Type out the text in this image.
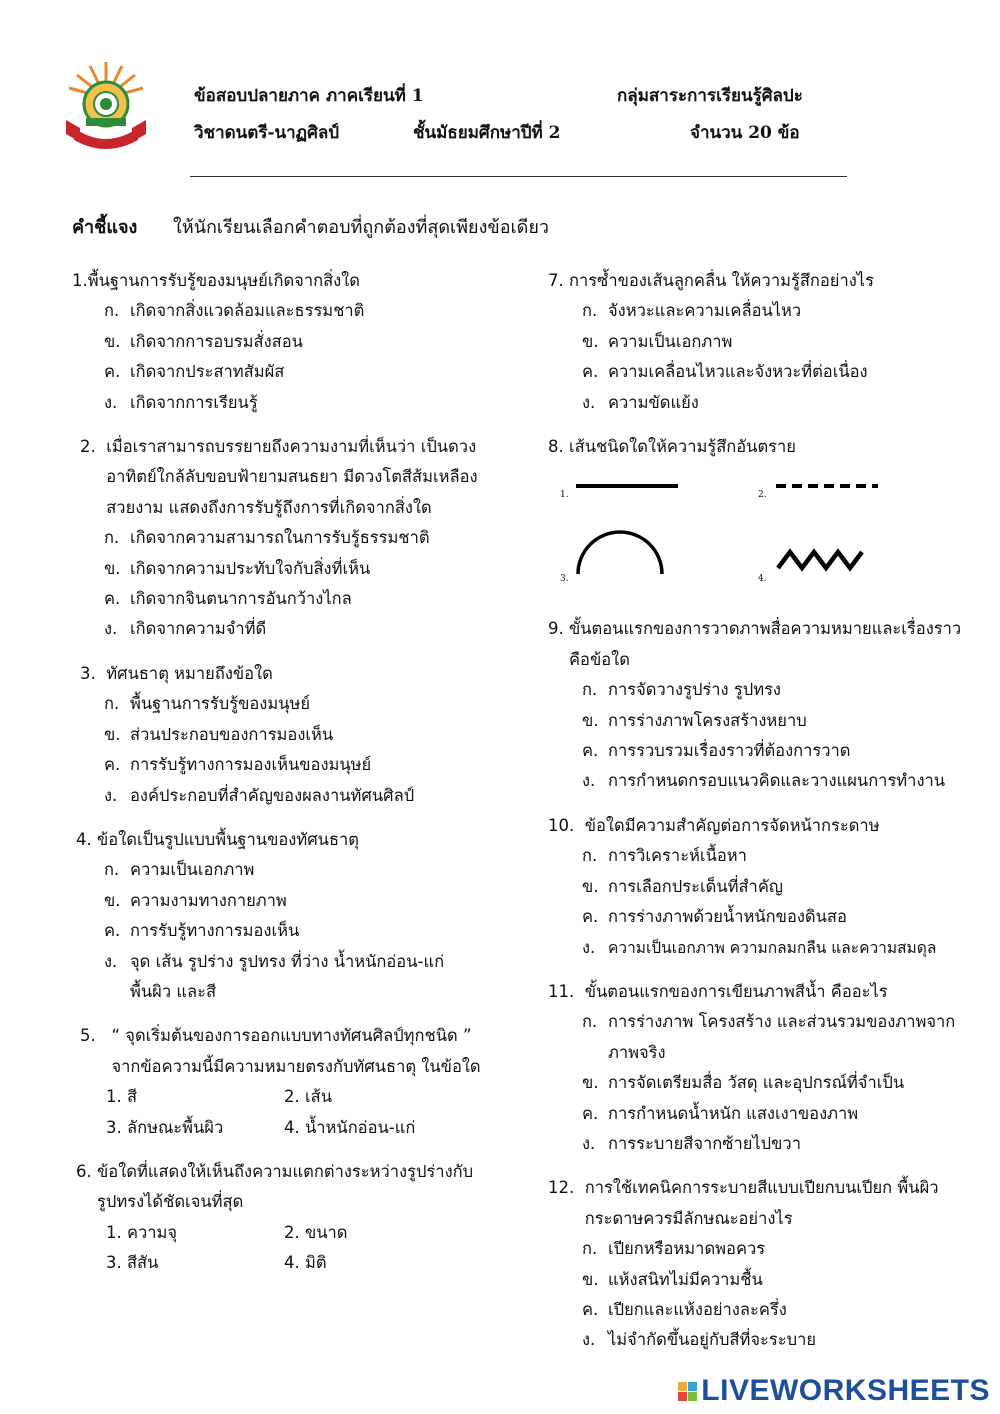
ข้อสอบปลายภาค ภาคเรียนที่ 1	กลุ่มสาระการเรียนรู้ศิลปะ
วิชาดนตรี-นาฏศิลป์	ชั้นมัธยมศึกษาปีที่ 2	จำนวน 20 ข้อ
คำชี้แจง ให้นักเรียนเลือกคำตอบที่ถูกต้องที่สุดเพียงข้อเดียว
1. พื้นฐานการรับรู้ของมนุษย์เกิดจากสิ่งใด
ก. เกิดจากสิ่งแวดล้อมและธรรมชาติ
ข. เกิดจากการอบรมสั่งสอน
ค. เกิดจากประสาทสัมผัส
ง. เกิดจากการเรียนรู้
2. เมื่อเราสามารถบรรยายถึงความงามที่เห็นว่า เป็นดวงอาทิตย์ใกล้ลับขอบฟ้ายามสนธยา มีดวงโตสีส้มเหลือง สวยงาม แสดงถึงการรับรู้ถึงการที่เกิดจากสิ่งใด
ก. เกิดจากความสามารถในการรับรู้ธรรมชาติ
ข. เกิดจากความประทับใจกับสิ่งที่เห็น
ค. เกิดจากจินตนาการอันกว้างไกล
ง. เกิดจากความจำที่ดี
3. ทัศนธาตุ หมายถึงข้อใด
ก. พื้นฐานการรับรู้ของมนุษย์
ข. ส่วนประกอบของการมองเห็น
ค. การรับรู้ทางการมองเห็นของมนุษย์
ง. องค์ประกอบที่สำคัญของผลงานทัศนศิลป์
4. ข้อใดเป็นรูปแบบพื้นฐานของทัศนธาตุ
ก. ความเป็นเอกภาพ
ข. ความงามทางกายภาพ
ค. การรับรู้ทางการมองเห็น
ง. จุด เส้น รูปร่าง รูปทรง ที่ว่าง น้ำหนักอ่อน-แก่ พื้นผิว และสี
5. “ จุดเริ่มต้นของการออกแบบทางทัศนศิลป์ทุกชนิด ” จากข้อความนี้มีความหมายตรงกับทัศนธาตุ ในข้อใด
1. สี	2. เส้น
3. ลักษณะพื้นผิว	4. น้ำหนักอ่อน-แก่
6. ข้อใดที่แสดงให้เห็นถึงความแตกต่างระหว่างรูปร่างกับรูปทรงได้ชัดเจนที่สุด
1. ความจุ	2. ขนาด
3. สีสัน	4. มิติ
7. การซ้ำของเส้นลูกคลื่น ให้ความรู้สึกอย่างไร
ก. จังหวะและความเคลื่อนไหว
ข. ความเป็นเอกภาพ
ค. ความเคลื่อนไหวและจังหวะที่ต่อเนื่อง
ง. ความขัดแย้ง
8. เส้นชนิดใดให้ความรู้สึกอันตราย
1.	2.
3.	4.
9. ขั้นตอนแรกของการวาดภาพสื่อความหมายและเรื่องราว คือข้อใด
ก. การจัดวางรูปร่าง รูปทรง
ข. การร่างภาพโครงสร้างหยาบ
ค. การรวบรวมเรื่องราวที่ต้องการวาด
ง. การกำหนดกรอบแนวคิดและวางแผนการทำงาน
10. ข้อใดมีความสำคัญต่อการจัดหน้ากระดาษ
ก. การวิเคราะห์เนื้อหา
ข. การเลือกประเด็นที่สำคัญ
ค. การร่างภาพด้วยน้ำหนักของดินสอ
ง. ความเป็นเอกภาพ ความกลมกลืน และความสมดุล
11. ขั้นตอนแรกของการเขียนภาพสีน้ำ คืออะไร
ก. การร่างภาพ โครงสร้าง และส่วนรวมของภาพจาก ภาพจริง
ข. การจัดเตรียมสื่อ วัสดุ และอุปกรณ์ที่จำเป็น
ค. การกำหนดน้ำหนัก แสงเงาของภาพ
ง. การระบายสีจากซ้ายไปขวา
12. การใช้เทคนิคการระบายสีแบบเปียกบนเปียก พื้นผิวกระดาษควรมีลักษณะอย่างไร
ก. เปียกหรือหมาดพอควร
ข. แห้งสนิทไม่มีความชื้น
ค. เปียกและแห้งอย่างละครึ่ง
ง. ไม่จำกัดขึ้นอยู่กับสีที่จะระบาย
LIVEWORKSHEETS
